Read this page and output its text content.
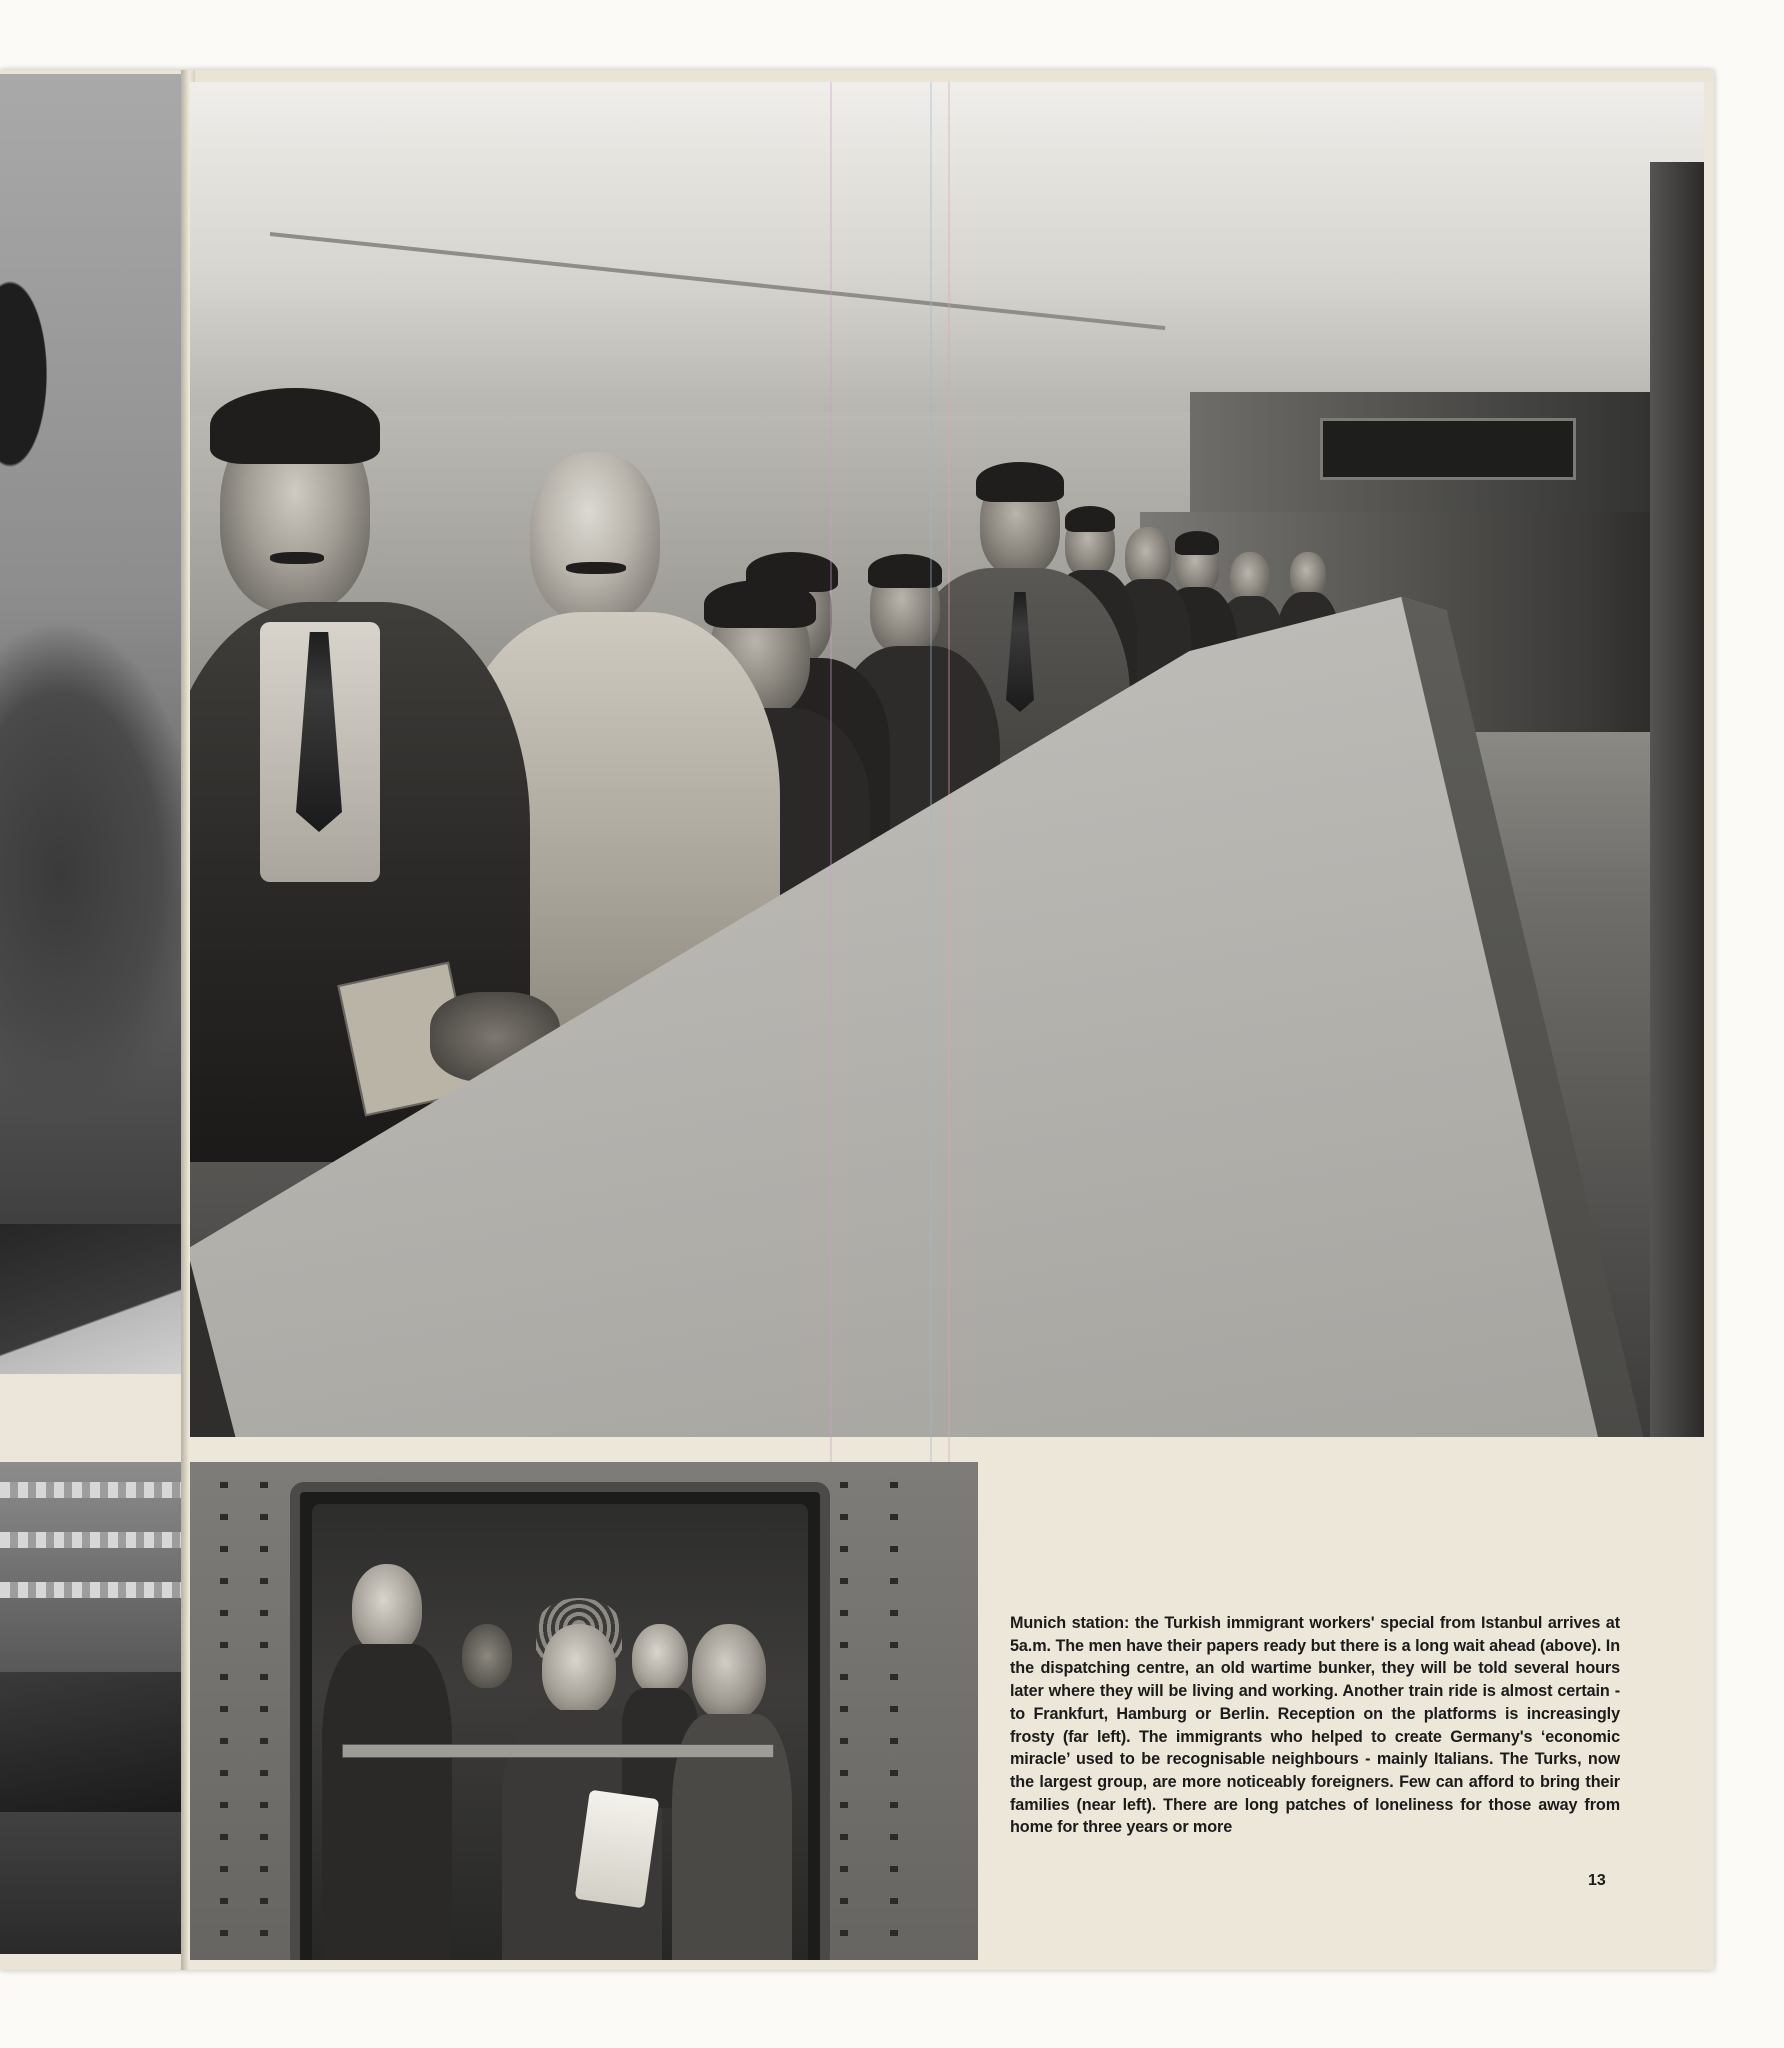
Munich station: the Turkish immigrant workers' special from Istanbul arrives at 5a.m. The men have their papers ready but there is a long wait ahead (above). In the dispatching centre, an old wartime bunker, they will be told several hours later where they will be living and working. Another train ride is almost certain - to Frankfurt, Hamburg or Berlin. Reception on the platforms is increasingly frosty (far left). The immigrants who helped to create Germany's ‘economic miracle’ used to be recognisable neighbours - mainly Italians. The Turks, now the largest group, are more noticeably foreigners. Few can afford to bring their families (near left). There are long patches of loneliness for those away from home for three years or more

13
